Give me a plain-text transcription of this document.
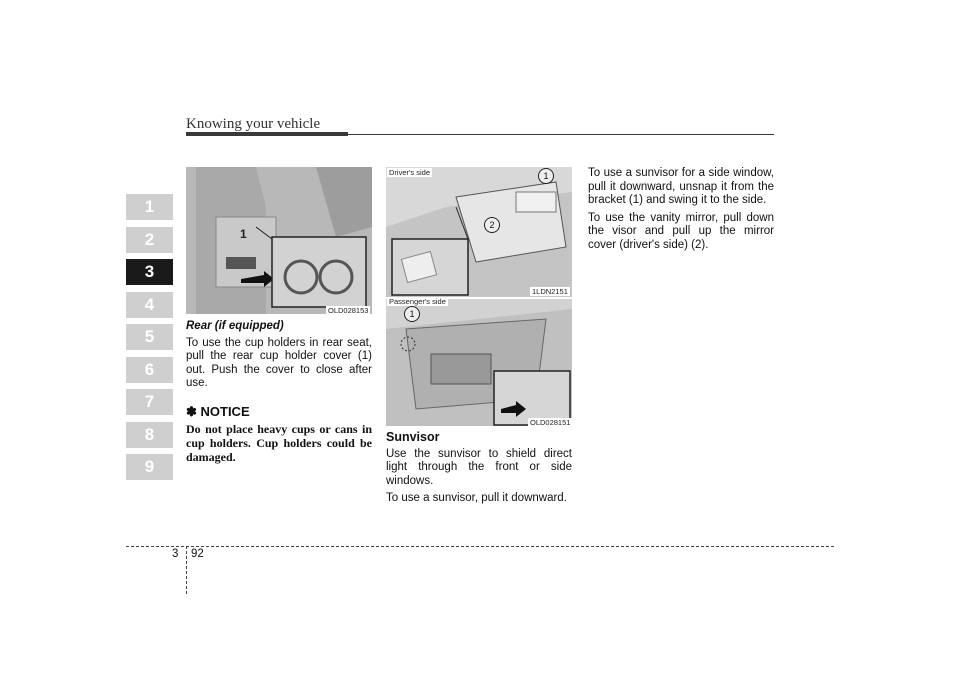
Knowing your vehicle
1
2
3
4
5
6
7
8
9
1
OLD028153
Rear (if equipped)

To use the cup holders in rear seat, pull the rear cup holder cover (1) out. Push the cover to close after use.

✽ NOTICE
Do not place heavy cups or cans in cup holders. Cup holders could be damaged.
1
2
Driver's side
1LDN2151
1
Passenger's side
OLD028151
Sunvisor

Use the sunvisor to shield direct light through the front or side windows.

To use a sunvisor, pull it downward.

To use a sunvisor for a side window, pull it downward, unsnap it from the bracket (1) and swing it to the side.

To use the vanity mirror, pull down the visor and pull up the mirror cover (driver's side) (2).

3 92
